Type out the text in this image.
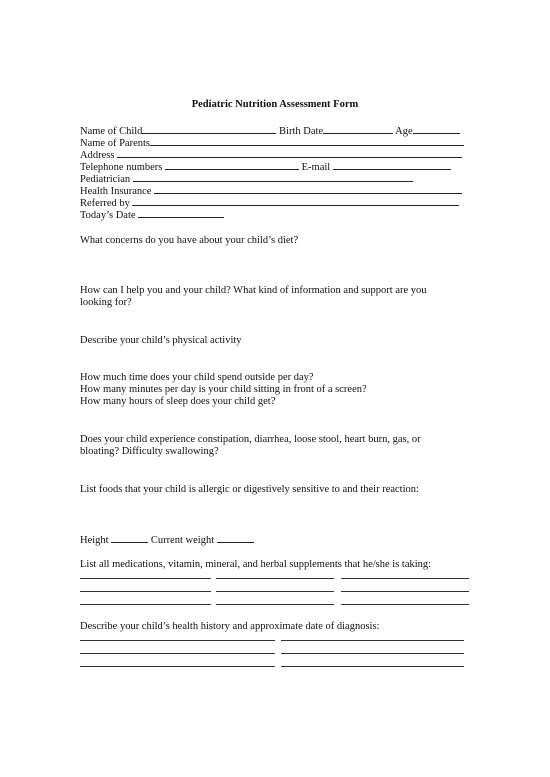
Pediatric Nutrition Assessment Form
Name of Child	Birth Date	Age
Name of Parents
Address
Telephone numbers	E-mail
Pediatrician
Health Insurance
Referred by
Today’s Date
What concerns do you have about your child’s diet?
How can I help you and your child? What kind of information and support are you
looking for?
Describe your child’s physical activity
How much time does your child spend outside per day?
How many minutes per day is your child sitting in front of a screen?
How many hours of sleep does your child get?
Does your child experience constipation, diarrhea, loose stool, heart burn, gas, or
bloating? Difficulty swallowing?
List foods that your child is allergic or digestively sensitive to and their reaction:
Height	Current weight
List all medications, vitamin, mineral, and herbal supplements that he/she is taking:
Describe your child’s health history and approximate date of diagnosis:
